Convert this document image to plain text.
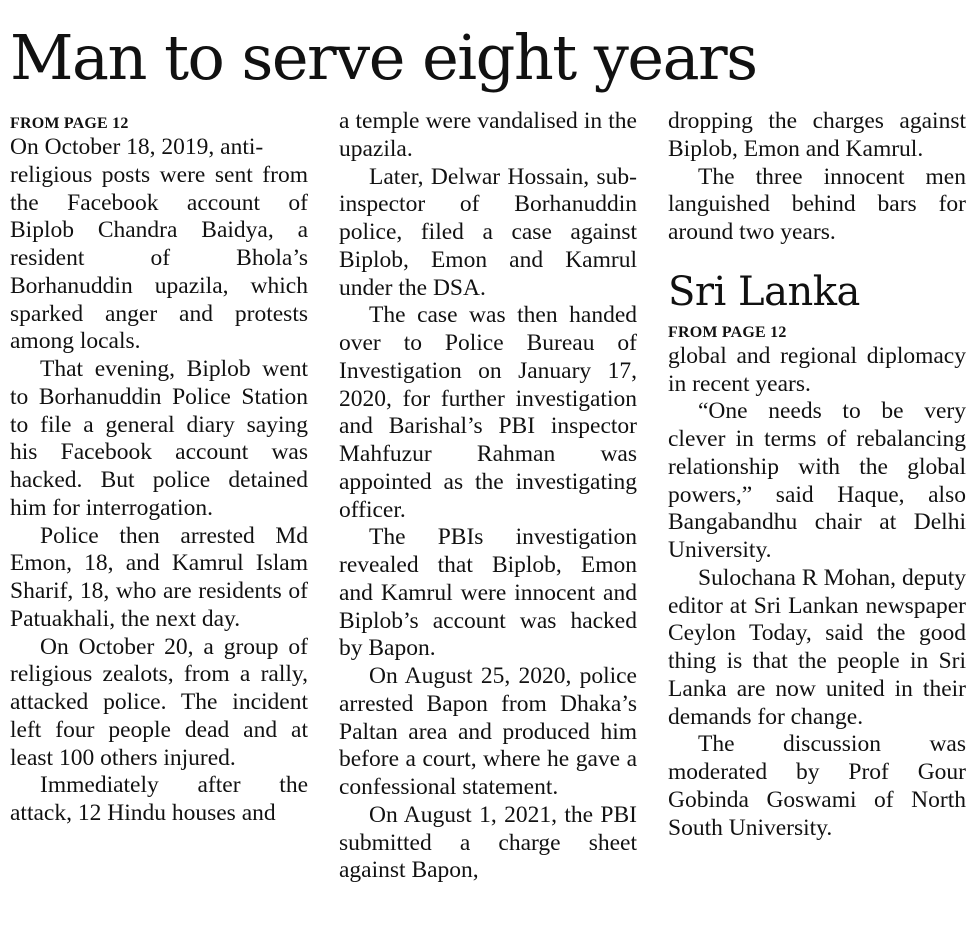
Man to serve eight years
FROM PAGE 12

On October 18, 2019, anti-
religious posts were sent from the Facebook account of Biplob Chandra Baidya, a resident of Bhola’s Borhanuddin upazila, which sparked anger and protests among locals.

That evening, Biplob went to Borhanuddin Police Station to file a general diary saying his Facebook account was hacked. But police detained him for interrogation.

Police then arrested Md Emon, 18, and Kamrul Islam Sharif, 18, who are residents of Patuakhali, the next day.

On October 20, a group of religious zealots, from a rally, attacked police. The incident left four people dead and at least 100 others injured.

Immediately after the attack, 12 Hindu houses and

a temple were vandalised in the upazila.

Later, Delwar Hossain, sub-inspector of Borhanuddin police, filed a case against Biplob, Emon and Kamrul under the DSA.

The case was then handed over to Police Bureau of Investigation on January 17, 2020, for further investigation and Barishal’s PBI inspector Mahfuzur Rahman was appointed as the investigating officer.

The PBIs investigation revealed that Biplob, Emon and Kamrul were innocent and Biplob’s account was hacked by Bapon.

On August 25, 2020, police arrested Bapon from Dhaka’s Paltan area and produced him before a court, where he gave a confessional statement.

On August 1, 2021, the PBI submitted a charge sheet against Bapon,

dropping the charges against Biplob, Emon and Kamrul.

The three innocent men languished behind bars for around two years.

Sri Lanka
FROM PAGE 12

global and regional diplomacy in recent years.

“One needs to be very clever in terms of rebalancing relationship with the global powers,” said Haque, also Bangabandhu chair at Delhi University.

Sulochana R Mohan, deputy editor at Sri Lankan newspaper Ceylon Today, said the good thing is that the people in Sri Lanka are now united in their demands for change.

The discussion was moderated by Prof Gour Gobinda Goswami of North South University.
